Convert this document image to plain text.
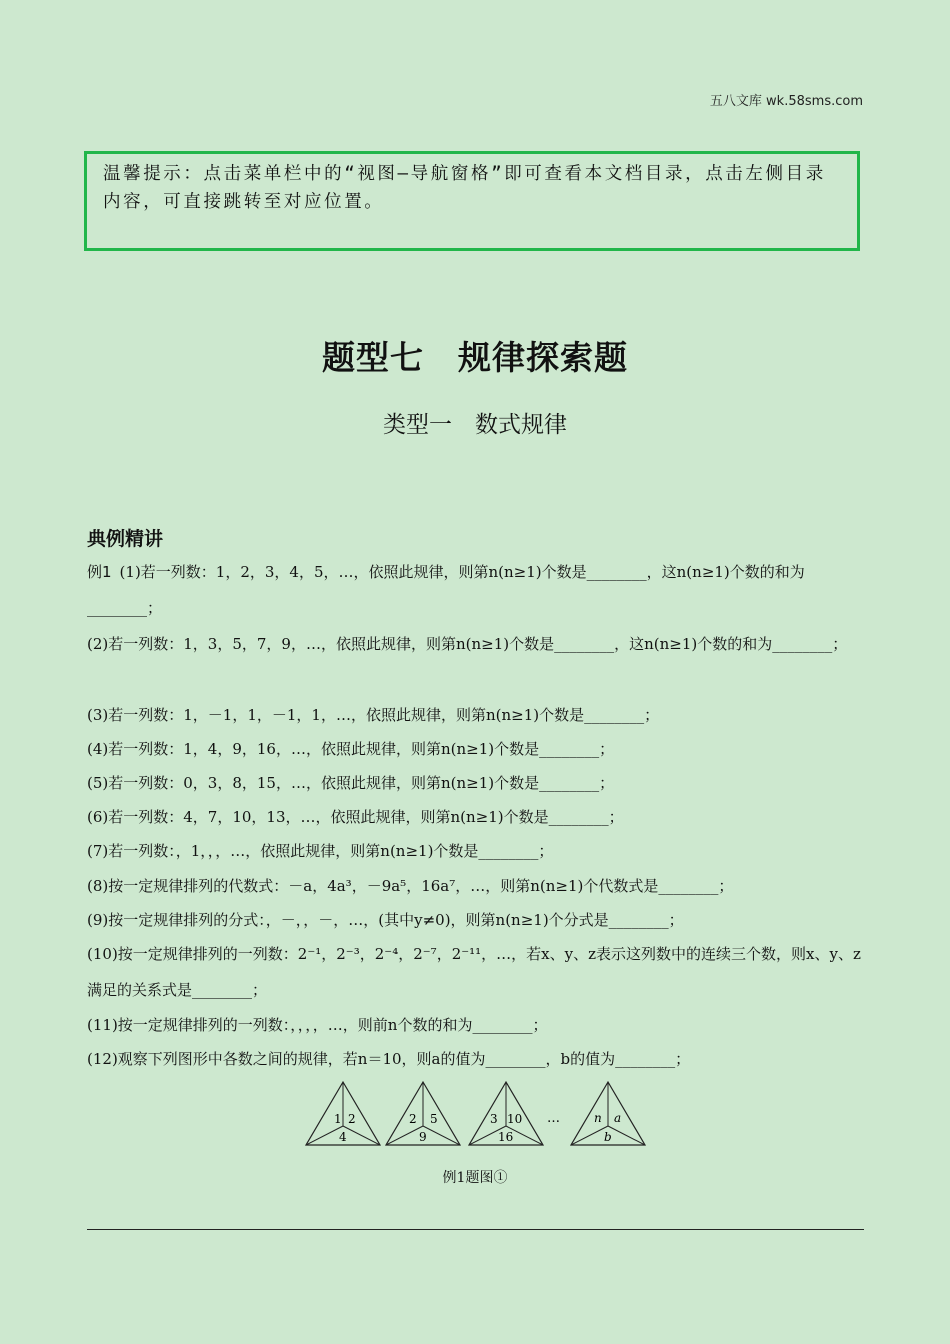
五八文库 wk.58sms.com
温馨提示：点击菜单栏中的“视图—导航窗格”即可查看本文档目录，点击左侧目录内容，可直接跳转至对应位置。
题型七　规律探索题
类型一　数式规律
典例精讲
例1 (1)若一列数：1，2，3，4，5，…，依照此规律，则第n(n≥1)个数是________，这n(n≥1)个数的和为________；
(2)若一列数：1，3，5，7，9，…，依照此规律，则第n(n≥1)个数是________，这n(n≥1)个数的和为________；
(3)若一列数：1，－1，1，－1，1，…，依照此规律，则第n(n≥1)个数是________；
(4)若一列数：1，4，9，16，…，依照此规律，则第n(n≥1)个数是________；
(5)若一列数：0，3，8，15，…，依照此规律，则第n(n≥1)个数是________；
(6)若一列数：4，7，10，13，…，依照此规律，则第n(n≥1)个数是________；
(7)若一列数：，1，，，…，依照此规律，则第n(n≥1)个数是________；
(8)按一定规律排列的代数式：－a，4a³，－9a⁵，16a⁷，…，则第n(n≥1)个代数式是________；
(9)按一定规律排列的分式：，－，，－，…，(其中y≠0)，则第n(n≥1)个分式是________；
(10)按一定规律排列的一列数：2⁻¹，2⁻³，2⁻⁴，2⁻⁷，2⁻¹¹，…，若x、y、z表示这列数中的连续三个数，则x、y、z满足的关系式是________；
(11)按一定规律排列的一列数：，，，，…，则前n个数的和为________；
(12)观察下列图形中各数之间的规律，若n＝10，则a的值为________，b的值为________；
1 2
4
2 5
9
3 10
16
…	n a
b
例1题图①
